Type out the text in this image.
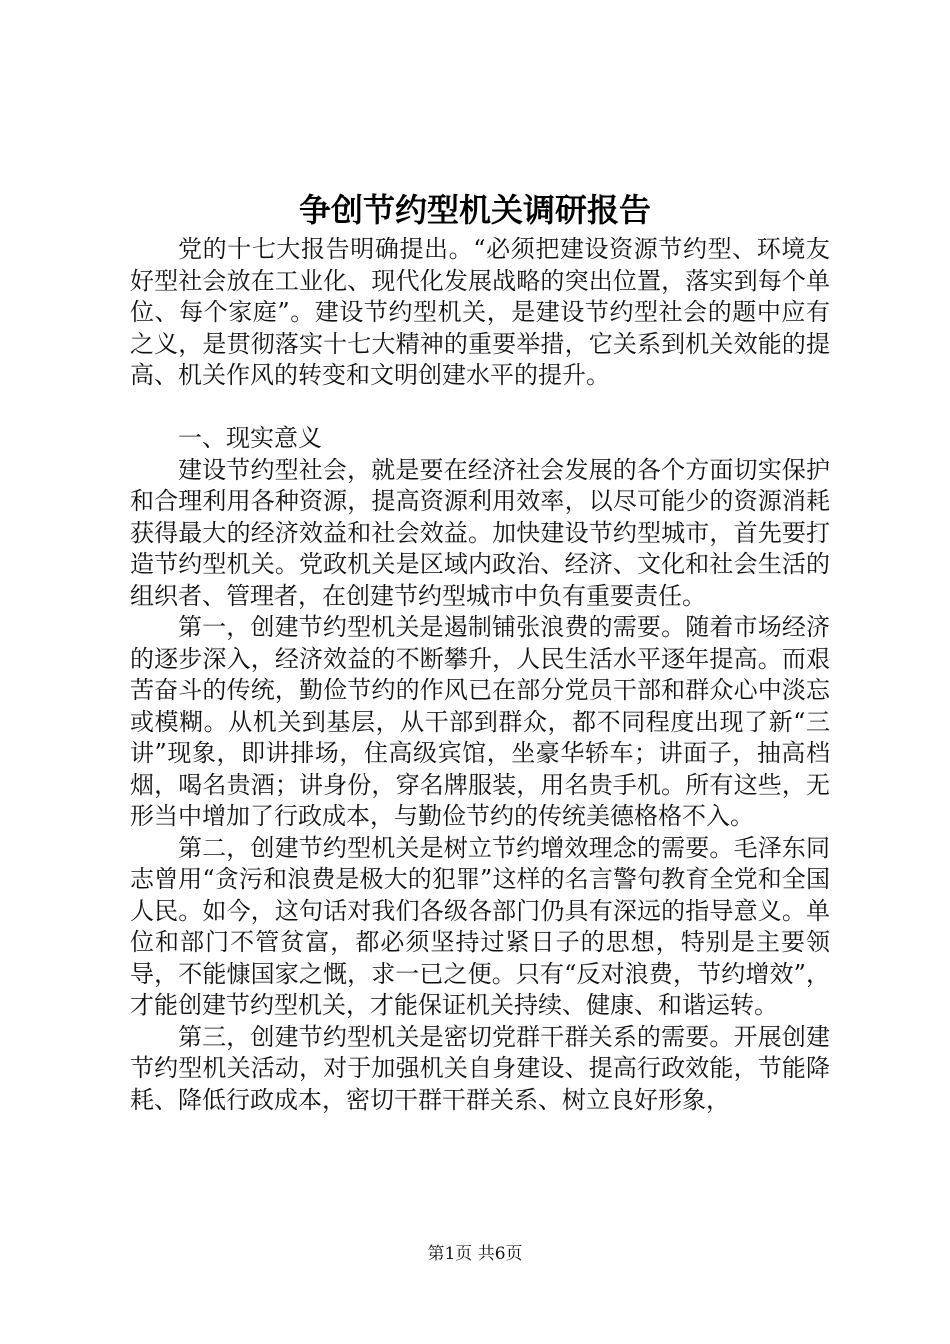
争创节约型机关调研报告

党的十七大报告明确提出。“必须把建设资源节约型、环境友好型社会放在工业化、现代化发展战略的突出位置，落实到每个单位、每个家庭”。建设节约型机关，是建设节约型社会的题中应有之义，是贯彻落实十七大精神的重要举措，它关系到机关效能的提高、机关作风的转变和文明创建水平的提升。

一、现实意义

建设节约型社会，就是要在经济社会发展的各个方面切实保护和合理利用各种资源，提高资源利用效率，以尽可能少的资源消耗获得最大的经济效益和社会效益。加快建设节约型城市，首先要打造节约型机关。党政机关是区域内政治、经济、文化和社会生活的组织者、管理者，在创建节约型城市中负有重要责任。

第一，创建节约型机关是遏制铺张浪费的需要。随着市场经济的逐步深入，经济效益的不断攀升，人民生活水平逐年提高。而艰苦奋斗的传统，勤俭节约的作风已在部分党员干部和群众心中淡忘或模糊。从机关到基层，从干部到群众，都不同程度出现了新“三讲”现象，即讲排场，住高级宾馆，坐豪华轿车；讲面子，抽高档烟，喝名贵酒；讲身份，穿名牌服装，用名贵手机。所有这些，无形当中增加了行政成本，与勤俭节约的传统美德格格不入。

第二，创建节约型机关是树立节约增效理念的需要。毛泽东同志曾用“贪污和浪费是极大的犯罪”这样的名言警句教育全党和全国人民。如今，这句话对我们各级各部门仍具有深远的指导意义。单位和部门不管贫富，都必须坚持过紧日子的思想，特别是主要领导，不能慷国家之慨，求一已之便。只有“反对浪费，节约增效”，才能创建节约型机关，才能保证机关持续、健康、和谐运转。

第三，创建节约型机关是密切党群干群关系的需要。开展创建节约型机关活动，对于加强机关自身建设、提高行政效能，节能降耗、降低行政成本，密切干群干群关系、树立良好形象，

第1页 共6页
